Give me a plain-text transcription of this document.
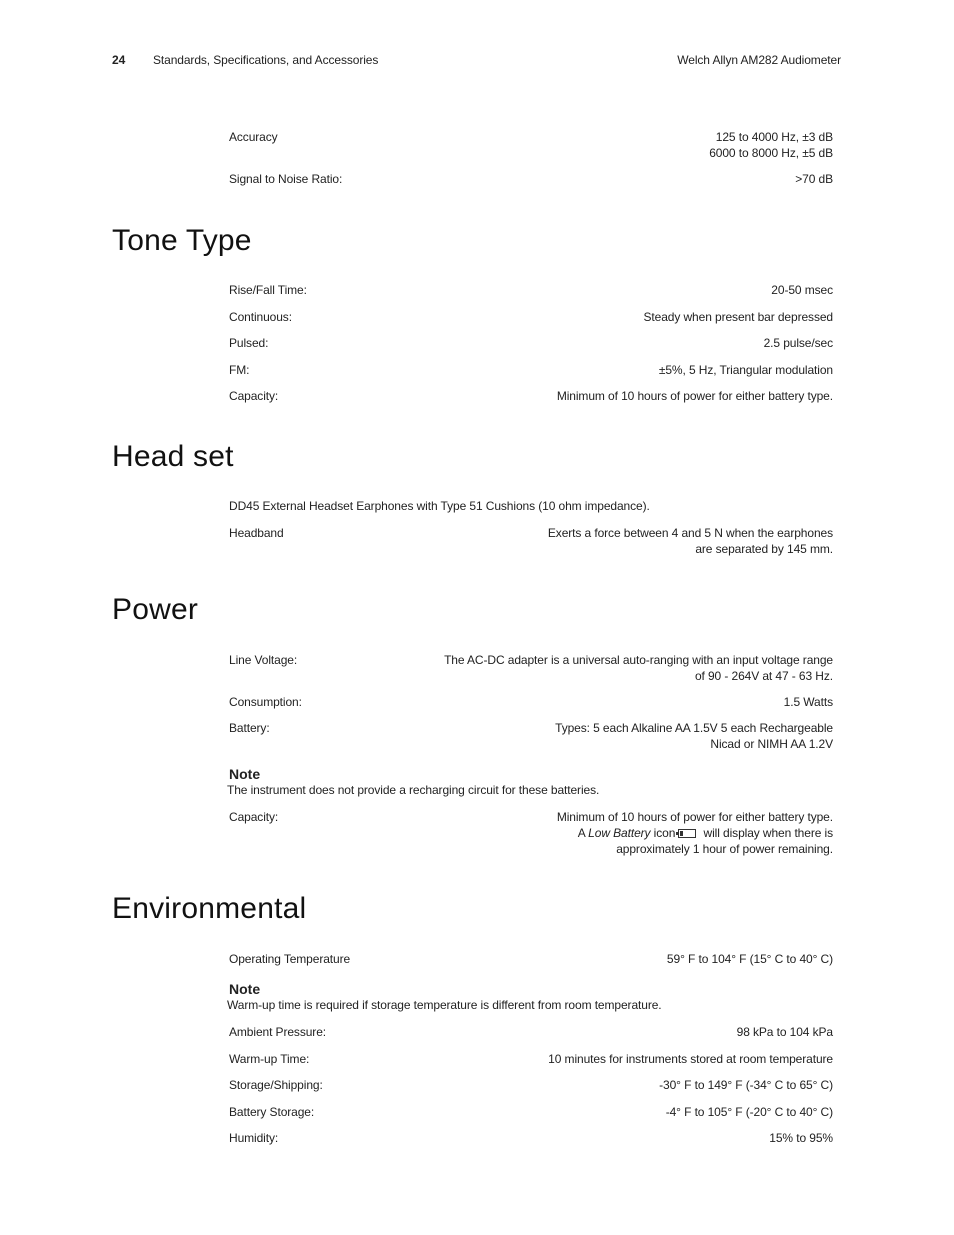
24 Standards, Specifications, and Accessories	Welch Allyn AM282 Audiometer
Accuracy	125 to 4000 Hz, ±3 dB
6000 to 8000 Hz, ±5 dB
Signal to Noise Ratio:	>70 dB
Tone Type
Rise/Fall Time:	20-50 msec
Continuous:	Steady when present bar depressed
Pulsed:	2.5 pulse/sec
FM:	±5%, 5 Hz, Triangular modulation
Capacity:	Minimum of 10 hours of power for either battery type.
Head set
DD45 External Headset Earphones with Type 51 Cushions (10 ohm impedance).
Headband	Exerts a force between 4 and 5 N when the earphones
are separated by 145 mm.
Power
Line Voltage:	The AC-DC adapter is a universal auto-ranging with an input voltage range
of 90 - 264V at 47 - 63 Hz.
Consumption:	1.5 Watts
Battery:	Types: 5 each Alkaline AA 1.5V 5 each Rechargeable
Nicad or NIMH AA 1.2V
Note
The instrument does not provide a recharging circuit for these batteries.
Capacity:	Minimum of 10 hours of power for either battery type.
A Low Battery icon will display when there is
approximately 1 hour of power remaining.
Environmental
Operating Temperature	59° F to 104° F (15° C to 40° C)
Note
Warm-up time is required if storage temperature is different from room temperature.
Ambient Pressure:	98 kPa to 104 kPa
Warm-up Time:	10 minutes for instruments stored at room temperature
Storage/Shipping:	-30° F to 149° F (-34° C to 65° C)
Battery Storage:	-4° F to 105° F (-20° C to 40° C)
Humidity:	15% to 95%
